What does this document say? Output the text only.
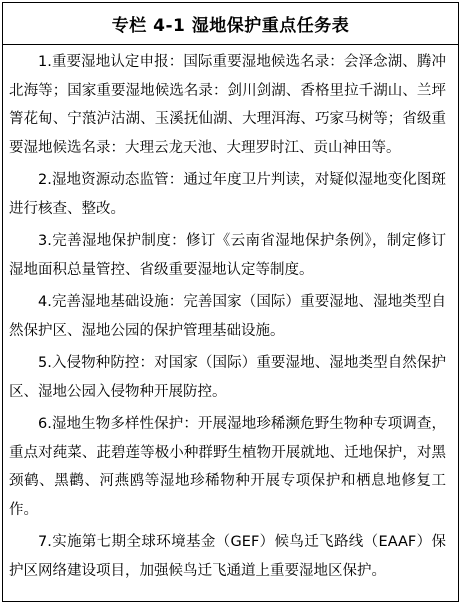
专栏 4-1 湿地保护重点任务表

1.重要湿地认定申报：国际重要湿地候选名录：会泽念湖、腾冲北海等；国家重要湿地候选名录：剑川剑湖、香格里拉千湖山、兰坪箐花甸、宁蒗泸沽湖、玉溪抚仙湖、大理洱海、巧家马树等；省级重要湿地候选名录：大理云龙天池、大理罗时江、贡山神田等。

2.湿地资源动态监管：通过年度卫片判读，对疑似湿地变化图斑进行核查、整改。

3.完善湿地保护制度：修订《云南省湿地保护条例》，制定修订湿地面积总量管控、省级重要湿地认定等制度。

4.完善湿地基础设施：完善国家（国际）重要湿地、湿地类型自然保护区、湿地公园的保护管理基础设施。

5.入侵物种防控：对国家（国际）重要湿地、湿地类型自然保护区、湿地公园入侵物种开展防控。

6.湿地生物多样性保护：开展湿地珍稀濒危野生物种专项调查，重点对莼菜、茈碧莲等极小种群野生植物开展就地、迁地保护，对黑颈鹤、黑鹳、河燕鸥等湿地珍稀物种开展专项保护和栖息地修复工作。

7.实施第七期全球环境基金（GEF）候鸟迁飞路线（EAAF）保护区网络建设项目，加强候鸟迁飞通道上重要湿地区保护。
